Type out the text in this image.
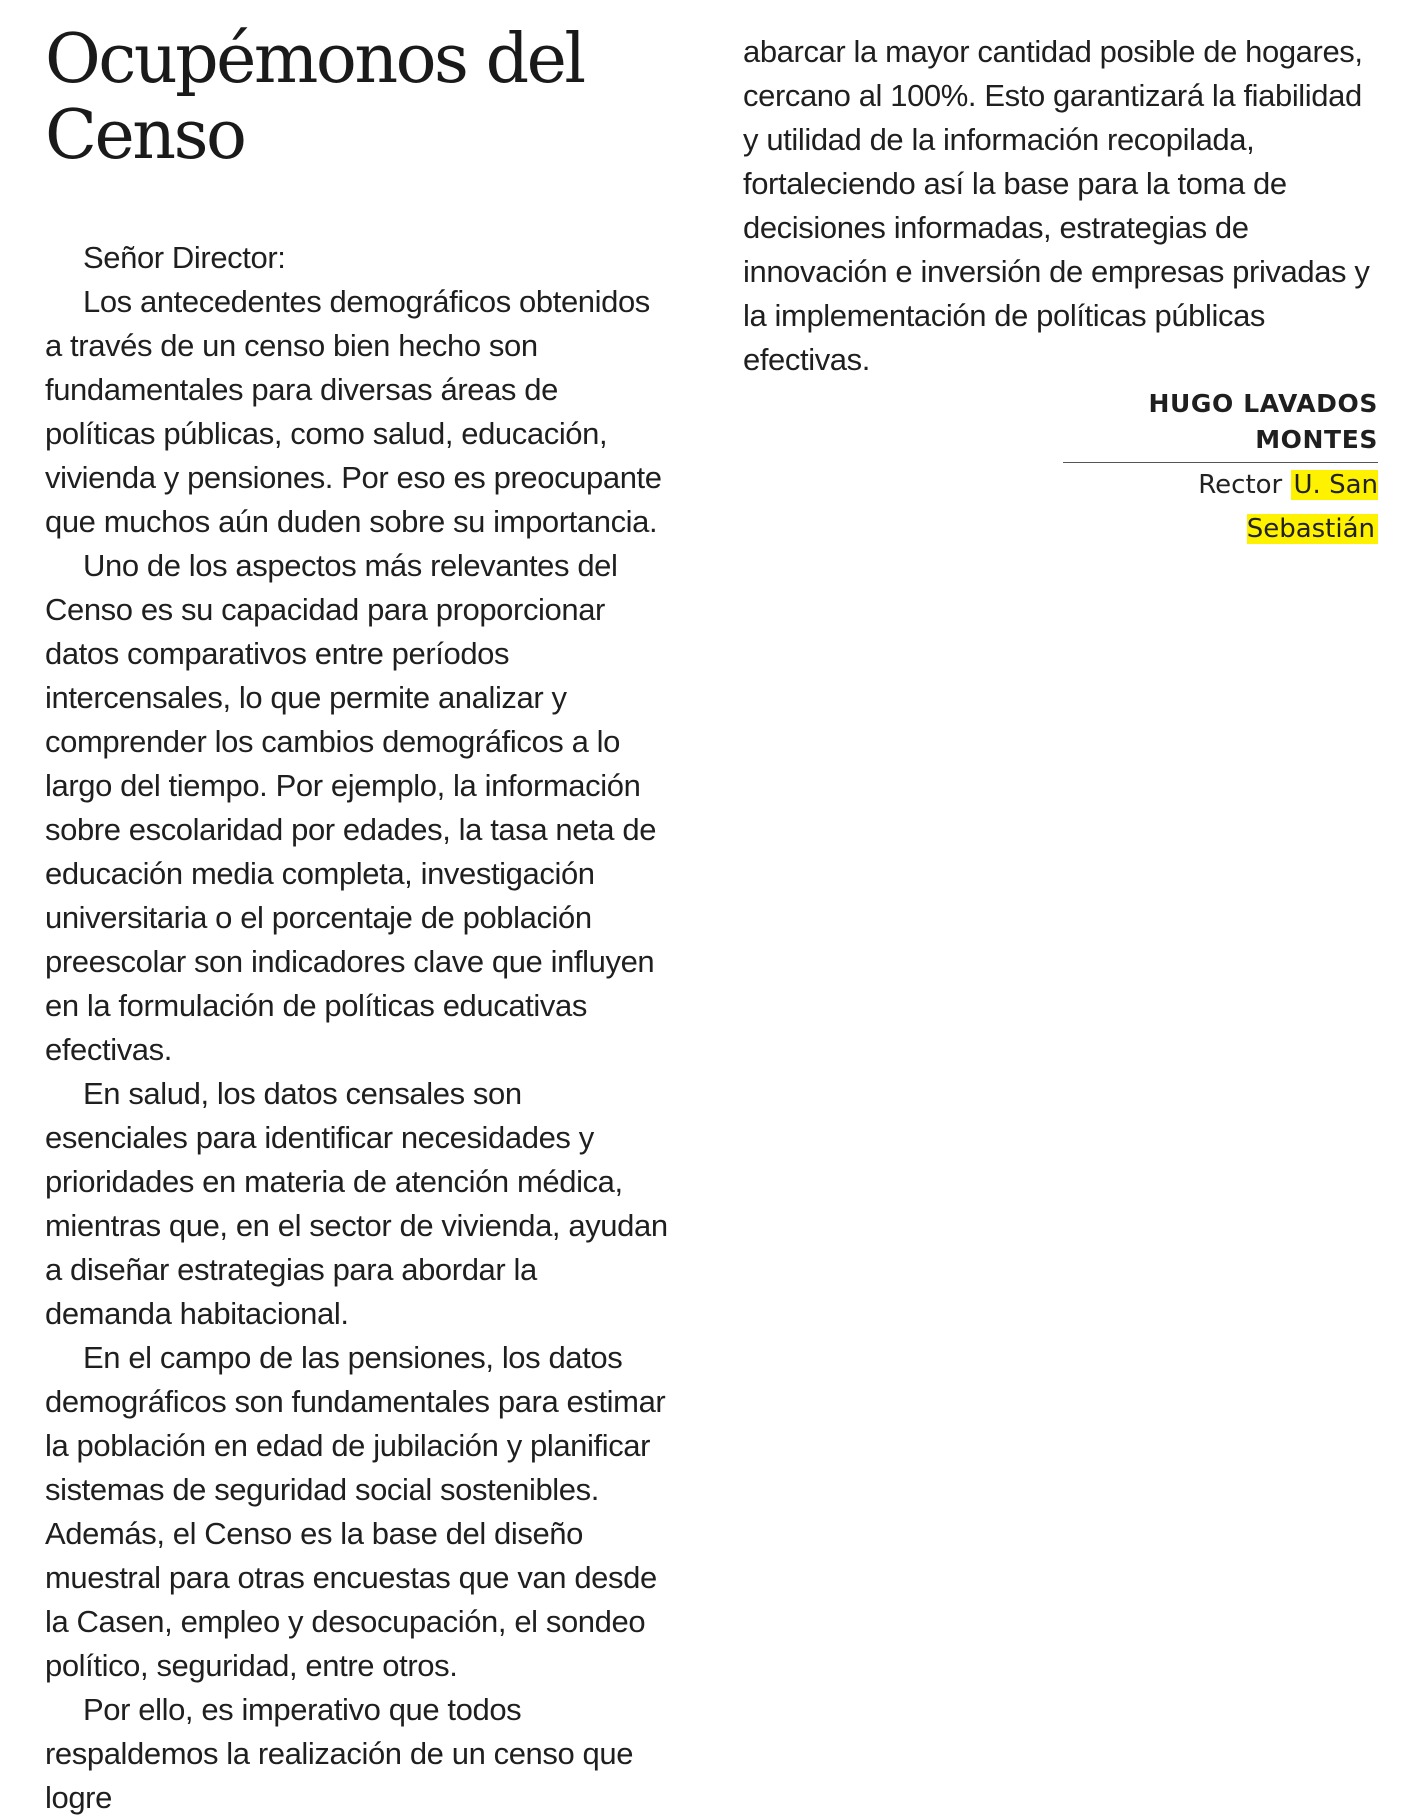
Ocupémonos del Censo

Señor Director:

Los antecedentes demográficos obtenidos a través de un censo bien hecho son fundamentales para diversas áreas de políticas públicas, como salud, educación, vivienda y pensiones. Por eso es preocupante que muchos aún duden sobre su importancia.

Uno de los aspectos más relevantes del Censo es su capacidad para proporcionar datos comparativos entre períodos intercensales, lo que permite analizar y comprender los cambios demográficos a lo largo del tiempo. Por ejemplo, la información sobre escolaridad por edades, la tasa neta de educación media completa, investigación universitaria o el porcentaje de población preescolar son indicadores clave que influyen en la formulación de políticas educativas efectivas.

En salud, los datos censales son esenciales para identificar necesidades y prioridades en materia de atención médica, mientras que, en el sector de vivienda, ayudan a diseñar estrategias para abordar la demanda habitacional.

En el campo de las pensiones, los datos demográficos son fundamentales para estimar la población en edad de jubilación y planificar sistemas de seguridad social sostenibles. Además, el Censo es la base del diseño muestral para otras encuestas que van desde la Casen, empleo y desocupación, el sondeo político, seguridad, entre otros.

Por ello, es imperativo que todos respaldemos la realización de un censo que logre

abarcar la mayor cantidad posible de hogares, cercano al 100%. Esto garantizará la fiabilidad y utilidad de la información recopilada, fortaleciendo así la base para la toma de decisiones informadas, estrategias de innovación e inversión de empresas privadas y la implementación de políticas públicas efectivas.

HUGO LAVADOS MONTES
Rector U. San Sebastián
